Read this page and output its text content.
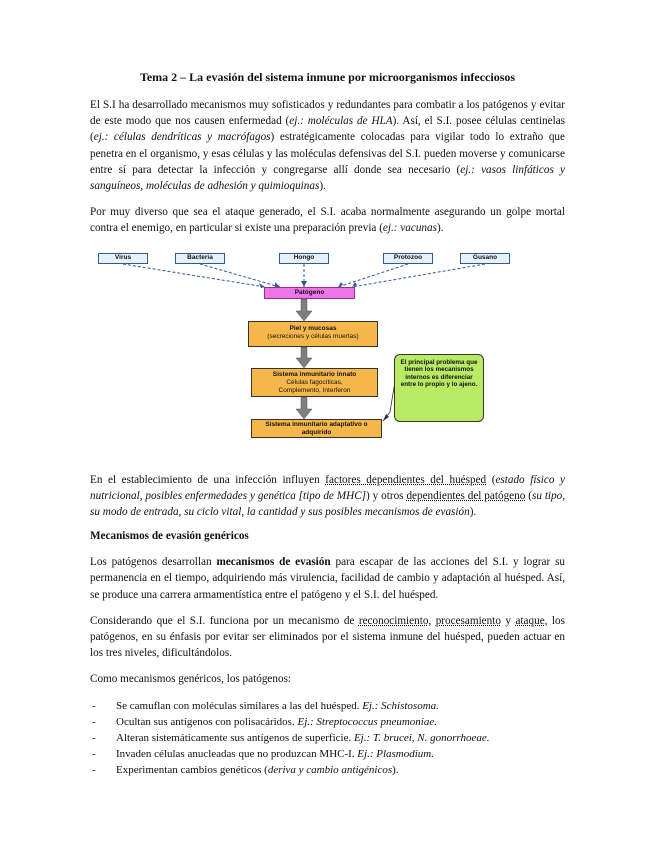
Tema 2 – La evasión del sistema inmune por microorganismos infecciosos

El S.I ha desarrollado mecanismos muy sofisticados y redundantes para combatir a los patógenos y evitar de este modo que nos causen enfermedad (ej.: moléculas de HLA). Así, el S.I. posee células centinelas (ej.: células dendríticas y macrófagos) estratégicamente colocadas para vigilar todo lo extraño que penetra en el organismo, y esas células y las moléculas defensivas del S.I. pueden moverse y comunicarse entre sí para detectar la infección y congregarse allí donde sea necesario (ej.: vasos linfáticos y sanguíneos, moléculas de adhesión y quimioquinas).

Por muy diverso que sea el ataque generado, el S.I. acaba normalmente asegurando un golpe mortal contra el enemigo, en particular si existe una preparación previa (ej.: vacunas).

Virus	Bacteria	Hongo	Protozoo	Gusano
Patógeno
Piel y mucosas
(secreciones y células muertas)
Sistema inmunitario innato
Células fagocíticas, Complemento, Interferon
Sistema inmunitario adaptativo o adquirido
El principal problema que tienen los mecanismos internos es diferenciar entre lo propio y lo ajeno.

En el establecimiento de una infección influyen factores dependientes del huésped (estado físico y nutricional, posibles enfermedades y genética [tipo de MHC]) y otros dependientes del patógeno (su tipo, su modo de entrada, su ciclo vital, la cantidad y sus posibles mecanismos de evasión).

Mecanismos de evasión genéricos

Los patógenos desarrollan mecanismos de evasión para escapar de las acciones del S.I. y lograr su permanencia en el tiempo, adquiriendo más virulencia, facilidad de cambio y adaptación al huésped. Así, se produce una carrera armamentística entre el patógeno y el S.I. del huésped.

Considerando que el S.I. funciona por un mecanismo de reconocimiento, procesamiento y ataque, los patógenos, en su énfasis por evitar ser eliminados por el sistema inmune del huésped, pueden actuar en los tres niveles, dificultándolos.

Como mecanismos genéricos, los patógenos:

- Se camuflan con moléculas similares a las del huésped. Ej.: Schistosoma.
- Ocultan sus antígenos con polisacáridos. Ej.: Streptococcus pneumoniae.
- Alteran sistemáticamente sus antígenos de superficie. Ej.: T. brucei, N. gonorrhoeae.
- Invaden células anucleadas que no produzcan MHC-I. Ej.: Plasmodium.
- Experimentan cambios genéticos (deriva y cambio antigénicos).
